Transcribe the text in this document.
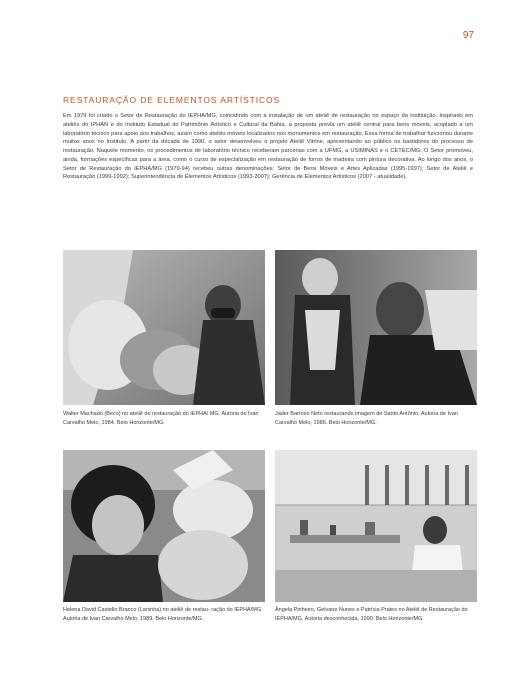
97
RESTAURAÇÃO DE ELEMENTOS ARTÍSTICOS

Em 1979 foi criado o Setor de Restauração do IEPHA/MG, coincidindo com a instalação de um ateliê de restauração no espaço da instituição. Inspirado em ateliês do IPHAN e do Instituto Estadual do Patrimônio Artístico e Cultural da Bahia, a proposta previa um ateliê central para bens móveis, acoplado a um laboratório técnico para apoio aos trabalhos, assim como ateliês móveis localizados nos monumentos em restauração. Essa forma de trabalhar funcionou durante muitos anos no Instituto. A partir da década de 1990, o setor desenvolveu o projeto Ateliê Vitrine, apresentando ao público os bastidores do processo de restauração. Naquele momento, os procedimentos de laboratório técnico receberam parcerias com a UFMG, a USIMINAS e o CETEC/MG. O Setor promoveu, ainda, formações específicas para a área, como o curso de especialização em restauração de forros de madeira com pintura decorativa. Ao longo dos anos, o Setor de Restauração do IEPHA/MG (1979-94) recebeu outras denominações: Setor de Bens Móveis e Artes Aplicadas (1995-1997); Setor de Ateliê e Restauração (1999-1992); Superintendência de Elementos Artísticos (1993-2007); Gerência de Elementos Artísticos (2007 - atualidade).

Walter Machado (Beco) no ateliê de restauração do IEPHA/ MG. Autoria de Ivan Carvalho Melo, 1984. Belo Horizonte/MG.

Jader Barroso Neto restaurando imagem de Santo Antônio. Autoria de Ivan Carvalho Melo, 1986. Belo Horizonte/MG.

Helena David Castello Branco (Laninha) no ateliê de restau- ração do IEPHA/MG. Autoria de Ivan Carvalho Melo, 1989. Belo Horizonte/MG.

Ângela Pinheiro, Gelvane Nunes e Patrícia Prates no Ateliê de Restauração do IEPHA/MG. Autoria desconhecida, 1990. Belo Horizonte/MG.
